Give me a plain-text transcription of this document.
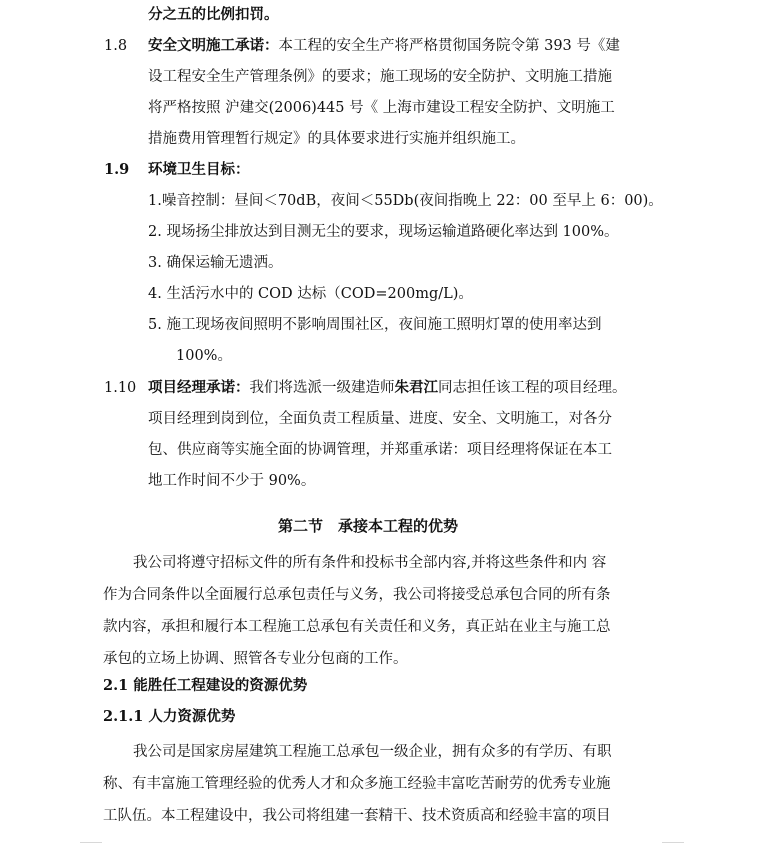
分之五的比例扣罚。
1.8 安全文明施工承诺：本工程的安全生产将严格贯彻国务院令第 393 号《建
设工程安全生产管理条例》的要求；施工现场的安全防护、文明施工措施
将严格按照 沪建交(2006)445 号《 上海市建设工程安全防护、文明施工
措施费用管理暂行规定》的具体要求进行实施并组织施工。
1.9 环境卫生目标：
1.噪音控制：昼间＜70dB，夜间＜55Db(夜间指晚上 22：00 至早上 6：00)。
2. 现场扬尘排放达到目测无尘的要求，现场运输道路硬化率达到 100%。
3. 确保运输无遗洒。
4. 生活污水中的 COD 达标（COD=200mg/L)。
5. 施工现场夜间照明不影响周围社区，夜间施工照明灯罩的使用率达到
100%。
1.10 项目经理承诺：我们将选派一级建造师朱君江同志担任该工程的项目经理。
项目经理到岗到位，全面负责工程质量、进度、安全、文明施工，对各分
包、供应商等实施全面的协调管理，并郑重承诺：项目经理将保证在本工
地工作时间不少于 90%。
第二节　承接本工程的优势
我公司将遵守招标文件的所有条件和投标书全部内容,并将这些条件和内 容
作为合同条件以全面履行总承包责任与义务，我公司将接受总承包合同的所有条
款内容，承担和履行本工程施工总承包有关责任和义务，真正站在业主与施工总
承包的立场上协调、照管各专业分包商的工作。
2.1 能胜任工程建设的资源优势
2.1.1 人力资源优势
我公司是国家房屋建筑工程施工总承包一级企业，拥有众多的有学历、有职
称、有丰富施工管理经验的优秀人才和众多施工经验丰富吃苦耐劳的优秀专业施
工队伍。本工程建设中，我公司将组建一套精干、技术资质高和经验丰富的项目
